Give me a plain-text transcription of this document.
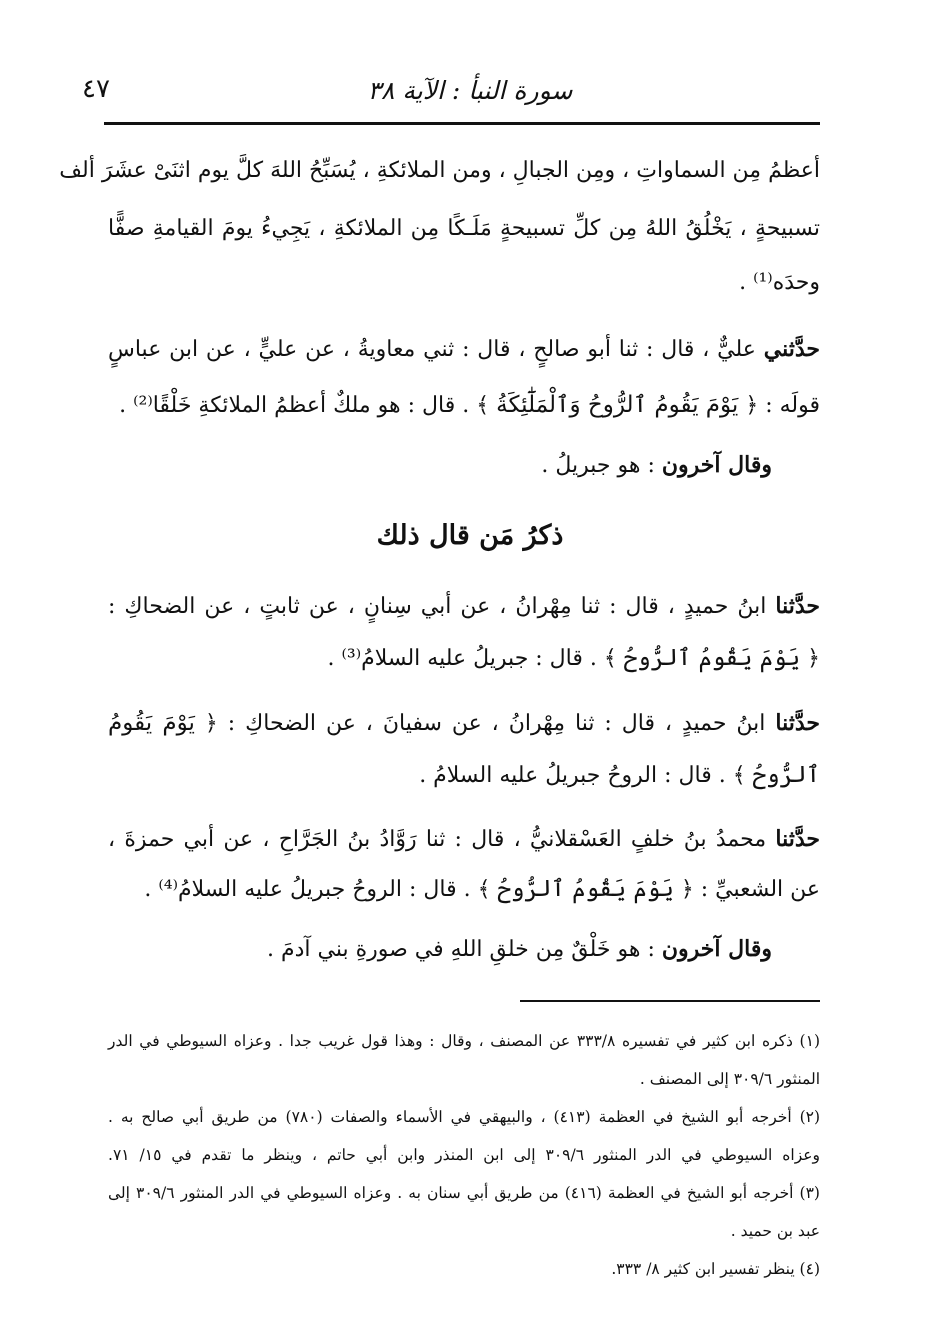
سورة النبأ : الآية ٣٨
٤٧
أعظمُ مِن السماواتِ ، ومِن الجبالِ ، ومن الملائكةِ ، يُسَبِّحُ اللهَ كلَّ يوم اثنَىْ عشَرَ ألف
تسبيحةٍ ، يَخْلُقُ اللهُ مِن كلِّ تسبيحةٍ مَلَـكًا مِن الملائكةِ ، يَجِيءُ يومَ القيامةِ صفًّا
وحدَه⁽¹⁾ .
حدَّثني عليٌّ ، قال : ثنا أبو صالحٍ ، قال : ثني معاويةُ ، عن عليٍّ ، عن ابن عباسٍ
قولَه : ﴿ يَوْمَ يَقُومُ ٱلرُّوحُ وَٱلْمَلَٰٓئِكَةُ ﴾ . قال : هو ملكٌ أعظمُ الملائكةِ خَلْقًا⁽²⁾ .
وقال آخرون : هو جبريلُ .
ذكرُ مَن قال ذلك
حدَّثنا ابنُ حميدٍ ، قال : ثنا مِهْرانُ ، عن أبي سِنانٍ ، عن ثابتٍ ، عن الضحاكِ :
﴿ يَوْمَ يَقُومُ ٱلرُّوحُ ﴾ . قال : جبريلُ عليه السلامُ⁽³⁾ .
حدَّثنا ابنُ حميدٍ ، قال : ثنا مِهْرانُ ، عن سفيانَ ، عن الضحاكِ : ﴿ يَوْمَ يَقُومُ
ٱلرُّوحُ ﴾ . قال : الروحُ جبريلُ عليه السلامُ .
حدَّثنا محمدُ بنُ خلفٍ العَسْقلانيُّ ، قال : ثنا رَوَّادُ بنُ الجَرَّاحِ ، عن أبي حمزةَ ،
عن الشعبيِّ : ﴿ يَوْمَ يَقُومُ ٱلرُّوحُ ﴾ . قال : الروحُ جبريلُ عليه السلامُ⁽⁴⁾ .
وقال آخرون : هو خَلْقٌ مِن خلقِ اللهِ في صورةِ بني آدمَ .
(١) ذكره ابن كثير في تفسيره ٣٣٣/٨ عن المصنف ، وقال : وهذا قول غريب جدا . وعزاه السيوطي في الدر
المنثور ٣٠٩/٦ إلى المصنف .
(٢) أخرجه أبو الشيخ في العظمة (٤١٣) ، والبيهقي في الأسماء والصفات (٧٨٠) من طريق أبي صالح به .
وعزاه السيوطي في الدر المنثور ٣٠٩/٦ إلى ابن المنذر وابن أبي حاتم ، وينظر ما تقدم في ١٥/ ٧١.
(٣) أخرجه أبو الشيخ في العظمة (٤١٦) من طريق أبي سنان به . وعزاه السيوطي في الدر المنثور ٣٠٩/٦ إلى
عبد بن حميد .
(٤) ينظر تفسير ابن كثير ٨/ ٣٣٣.
